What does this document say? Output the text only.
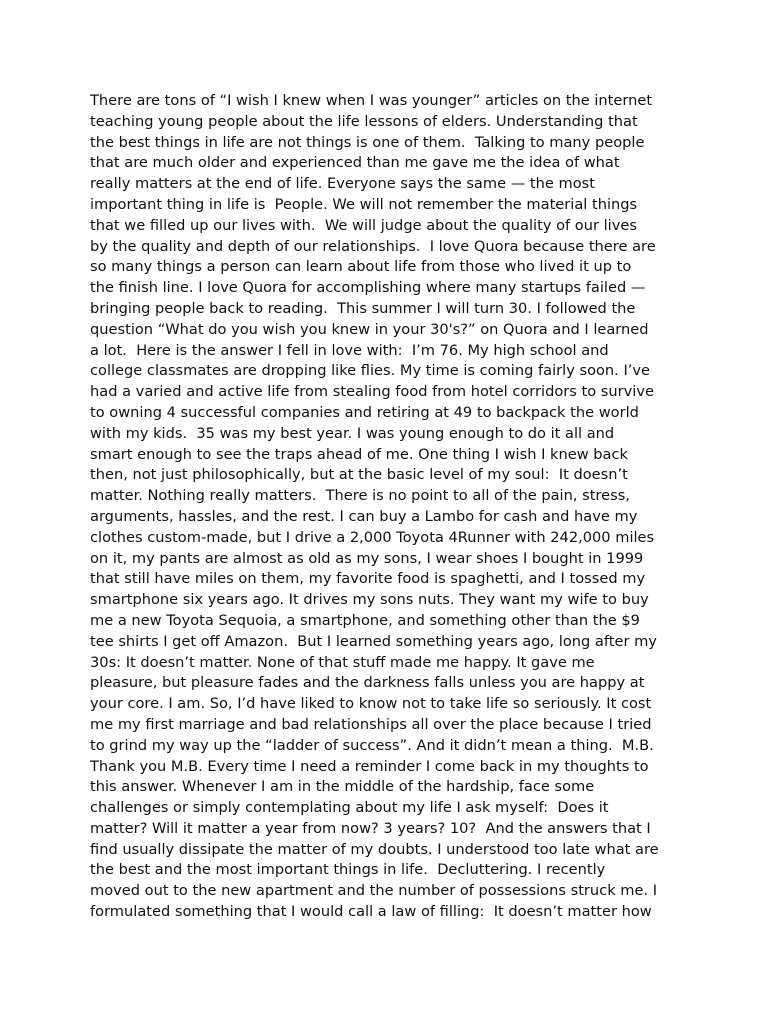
There are tons of “I wish I knew when I was younger” articles on the internet
teaching young people about the life lessons of elders. Understanding that
the best things in life are not things is one of them.  Talking to many people
that are much older and experienced than me gave me the idea of what
really matters at the end of life. Everyone says the same — the most
important thing in life is  People. We will not remember the material things
that we filled up our lives with.  We will judge about the quality of our lives
by the quality and depth of our relationships.  I love Quora because there are
so many things a person can learn about life from those who lived it up to
the finish line. I love Quora for accomplishing where many startups failed —
bringing people back to reading.  This summer I will turn 30. I followed the
question “What do you wish you knew in your 30's?” on Quora and I learned
a lot.  Here is the answer I fell in love with:  I’m 76. My high school and
college classmates are dropping like flies. My time is coming fairly soon. I’ve
had a varied and active life from stealing food from hotel corridors to survive
to owning 4 successful companies and retiring at 49 to backpack the world
with my kids.  35 was my best year. I was young enough to do it all and
smart enough to see the traps ahead of me. One thing I wish I knew back
then, not just philosophically, but at the basic level of my soul:  It doesn’t
matter. Nothing really matters.  There is no point to all of the pain, stress,
arguments, hassles, and the rest. I can buy a Lambo for cash and have my
clothes custom-made, but I drive a 2,000 Toyota 4Runner with 242,000 miles
on it, my pants are almost as old as my sons, I wear shoes I bought in 1999
that still have miles on them, my favorite food is spaghetti, and I tossed my
smartphone six years ago. It drives my sons nuts. They want my wife to buy
me a new Toyota Sequoia, a smartphone, and something other than the $9
tee shirts I get off Amazon.  But I learned something years ago, long after my
30s: It doesn’t matter. None of that stuff made me happy. It gave me
pleasure, but pleasure fades and the darkness falls unless you are happy at
your core. I am. So, I’d have liked to know not to take life so seriously. It cost
me my first marriage and bad relationships all over the place because I tried
to grind my way up the “ladder of success”. And it didn’t mean a thing.  M.B.
Thank you M.B. Every time I need a reminder I come back in my thoughts to
this answer. Whenever I am in the middle of the hardship, face some
challenges or simply contemplating about my life I ask myself:  Does it
matter? Will it matter a year from now? 3 years? 10?  And the answers that I
find usually dissipate the matter of my doubts. I understood too late what are
the best and the most important things in life.  Decluttering. I recently
moved out to the new apartment and the number of possessions struck me. I
formulated something that I would call a law of filling:  It doesn’t matter how
